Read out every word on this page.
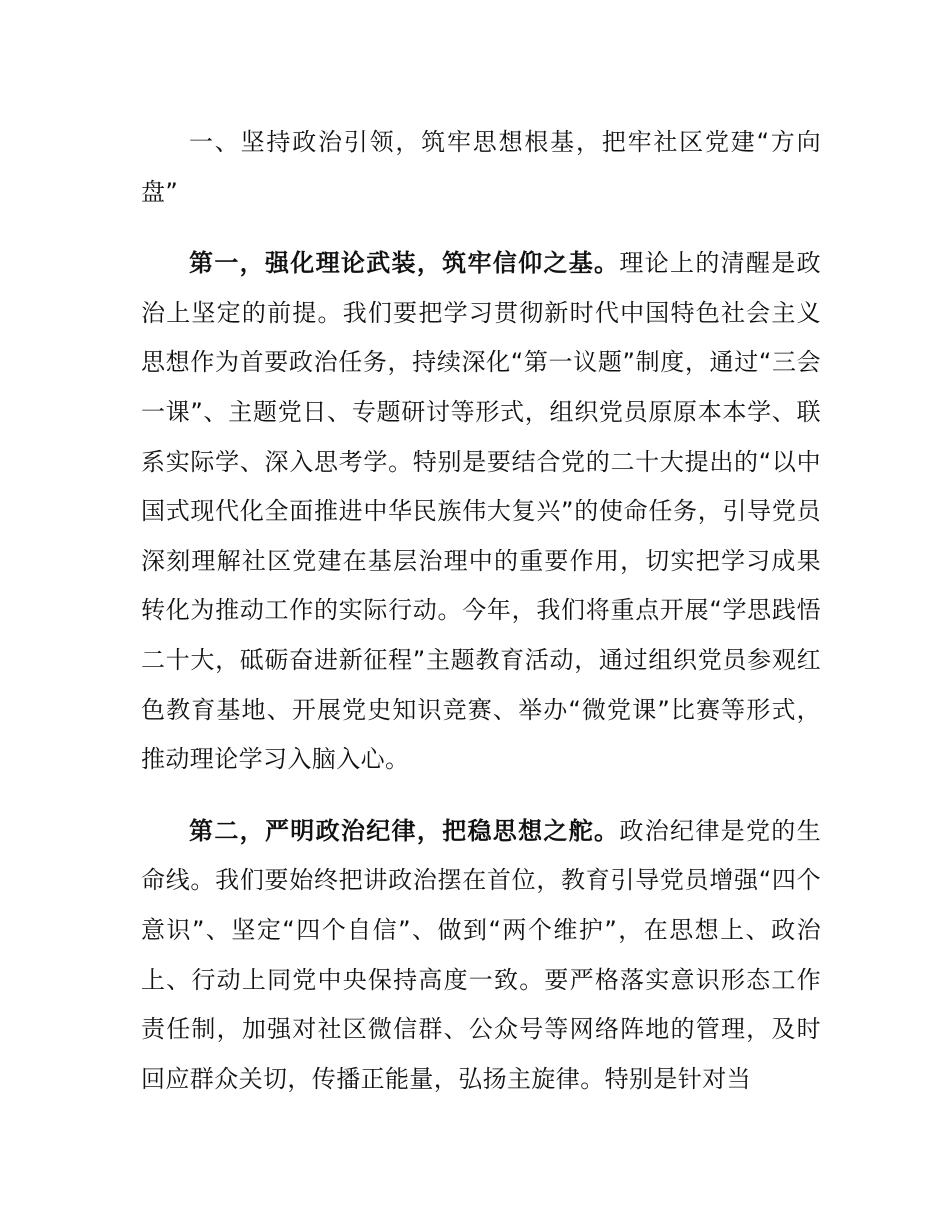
一、坚持政治引领，筑牢思想根基，把牢社区党建“方向盘”

第一，强化理论武装，筑牢信仰之基。理论上的清醒是政治上坚定的前提。我们要把学习贯彻新时代中国特色社会主义思想作为首要政治任务，持续深化“第一议题”制度，通过“三会一课”、主题党日、专题研讨等形式，组织党员原原本本学、联系实际学、深入思考学。特别是要结合党的二十大提出的“以中国式现代化全面推进中华民族伟大复兴”的使命任务，引导党员深刻理解社区党建在基层治理中的重要作用，切实把学习成果转化为推动工作的实际行动。今年，我们将重点开展“学思践悟二十大，砥砺奋进新征程”主题教育活动，通过组织党员参观红色教育基地、开展党史知识竞赛、举办“微党课”比赛等形式，推动理论学习入脑入心。

第二，严明政治纪律，把稳思想之舵。政治纪律是党的生命线。我们要始终把讲政治摆在首位，教育引导党员增强“四个意识”、坚定“四个自信”、做到“两个维护”，在思想上、政治上、行动上同党中央保持高度一致。要严格落实意识形态工作责任制，加强对社区微信群、公众号等网络阵地的管理，及时回应群众关切，传播正能量，弘扬主旋律。特别是针对当
